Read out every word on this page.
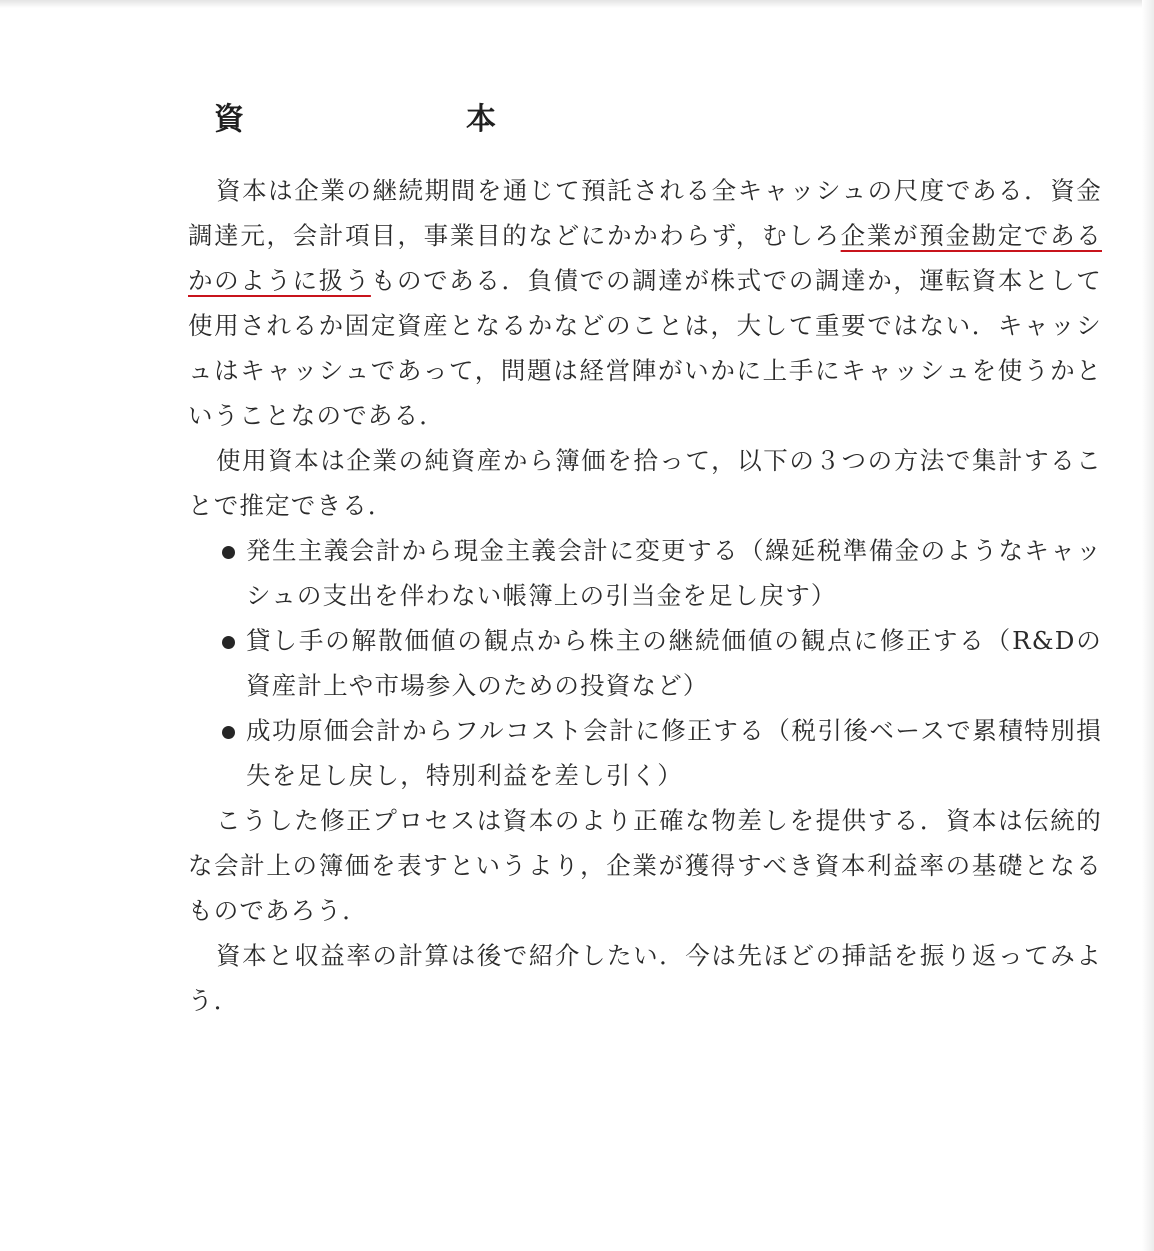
資　本

資本は企業の継続期間を通じて預託される全キャッシュの尺度である．資金調達元，会計項目，事業目的などにかかわらず，むしろ企業が預金勘定であるかのように扱うものである．負債での調達が株式での調達か，運転資本として使用されるか固定資産となるかなどのことは，大して重要ではない．キャッシュはキャッシュであって，問題は経営陣がいかに上手にキャッシュを使うかということなのである．

使用資本は企業の純資産から簿価を拾って，以下の３つの方法で集計することで推定できる．

発生主義会計から現金主義会計に変更する（繰延税準備金のようなキャッシュの支出を伴わない帳簿上の引当金を足し戻す）
貸し手の解散価値の観点から株主の継続価値の観点に修正する（R&Dの資産計上や市場参入のための投資など）
成功原価会計からフルコスト会計に修正する（税引後ベースで累積特別損失を足し戻し，特別利益を差し引く）

こうした修正プロセスは資本のより正確な物差しを提供する．資本は伝統的な会計上の簿価を表すというより，企業が獲得すべき資本利益率の基礎となるものであろう．

資本と収益率の計算は後で紹介したい．今は先ほどの挿話を振り返ってみよう．
